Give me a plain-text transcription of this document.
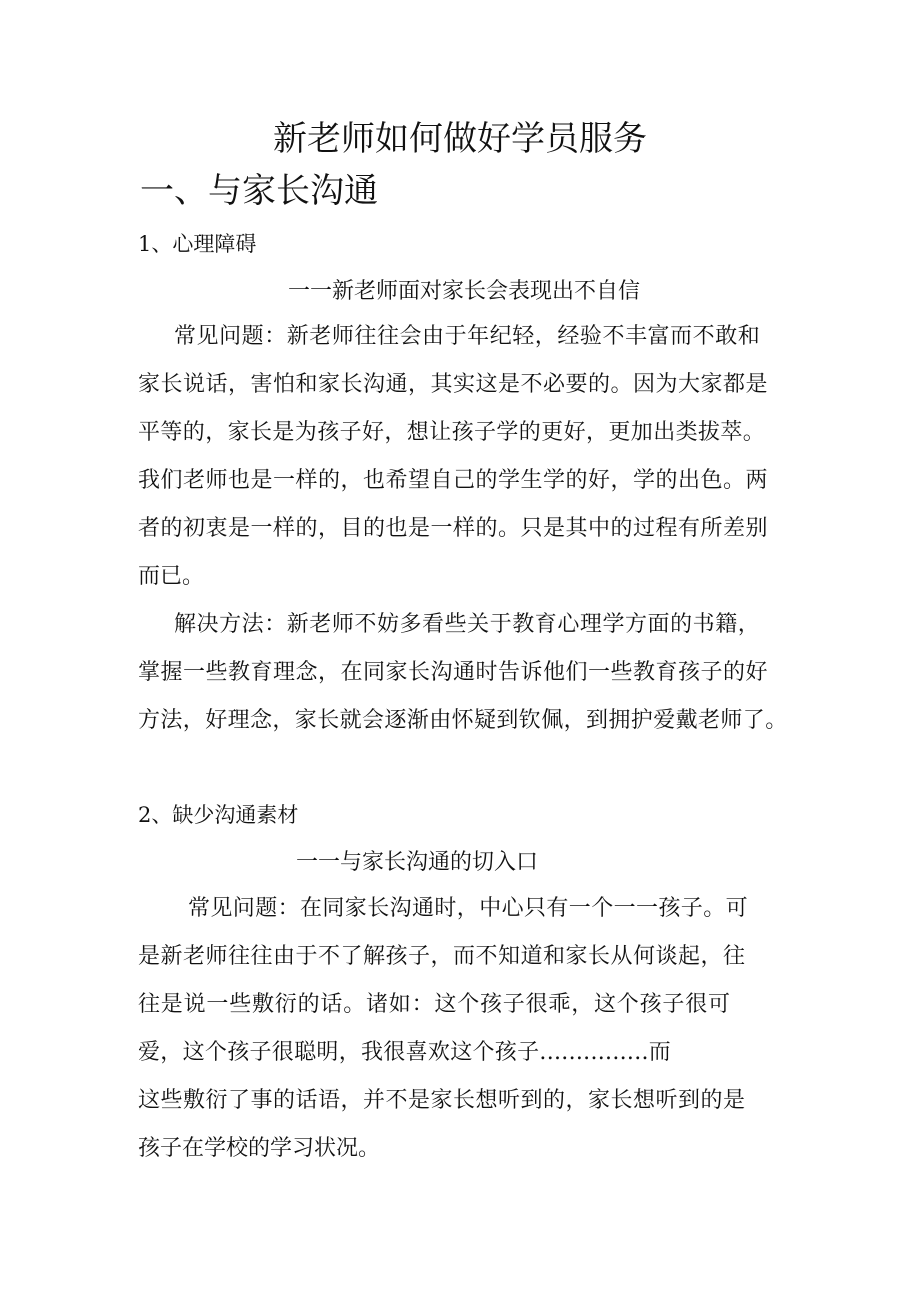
新老师如何做好学员服务
一、与家长沟通
1、心理障碍
一一新老师面对家长会表现出不自信
常见问题：新老师往往会由于年纪轻，经验不丰富而不敢和
家长说话，害怕和家长沟通，其实这是不必要的。因为大家都是
平等的，家长是为孩子好，想让孩子学的更好，更加出类拔萃。
我们老师也是一样的，也希望自己的学生学的好，学的出色。两
者的初衷是一样的，目的也是一样的。只是其中的过程有所差别
而已。
解决方法：新老师不妨多看些关于教育心理学方面的书籍，
掌握一些教育理念，在同家长沟通时告诉他们一些教育孩子的好
方法，好理念，家长就会逐渐由怀疑到钦佩，到拥护爱戴老师了。
2、缺少沟通素材
一一与家长沟通的切入口
常见问题：在同家长沟通时，中心只有一个一一孩子。可
是新老师往往由于不了解孩子，而不知道和家长从何谈起，往
往是说一些敷衍的话。诸如：这个孩子很乖，这个孩子很可
爱，这个孩子很聪明，我很喜欢这个孩子...............而
这些敷衍了事的话语，并不是家长想听到的，家长想听到的是
孩子在学校的学习状况。
